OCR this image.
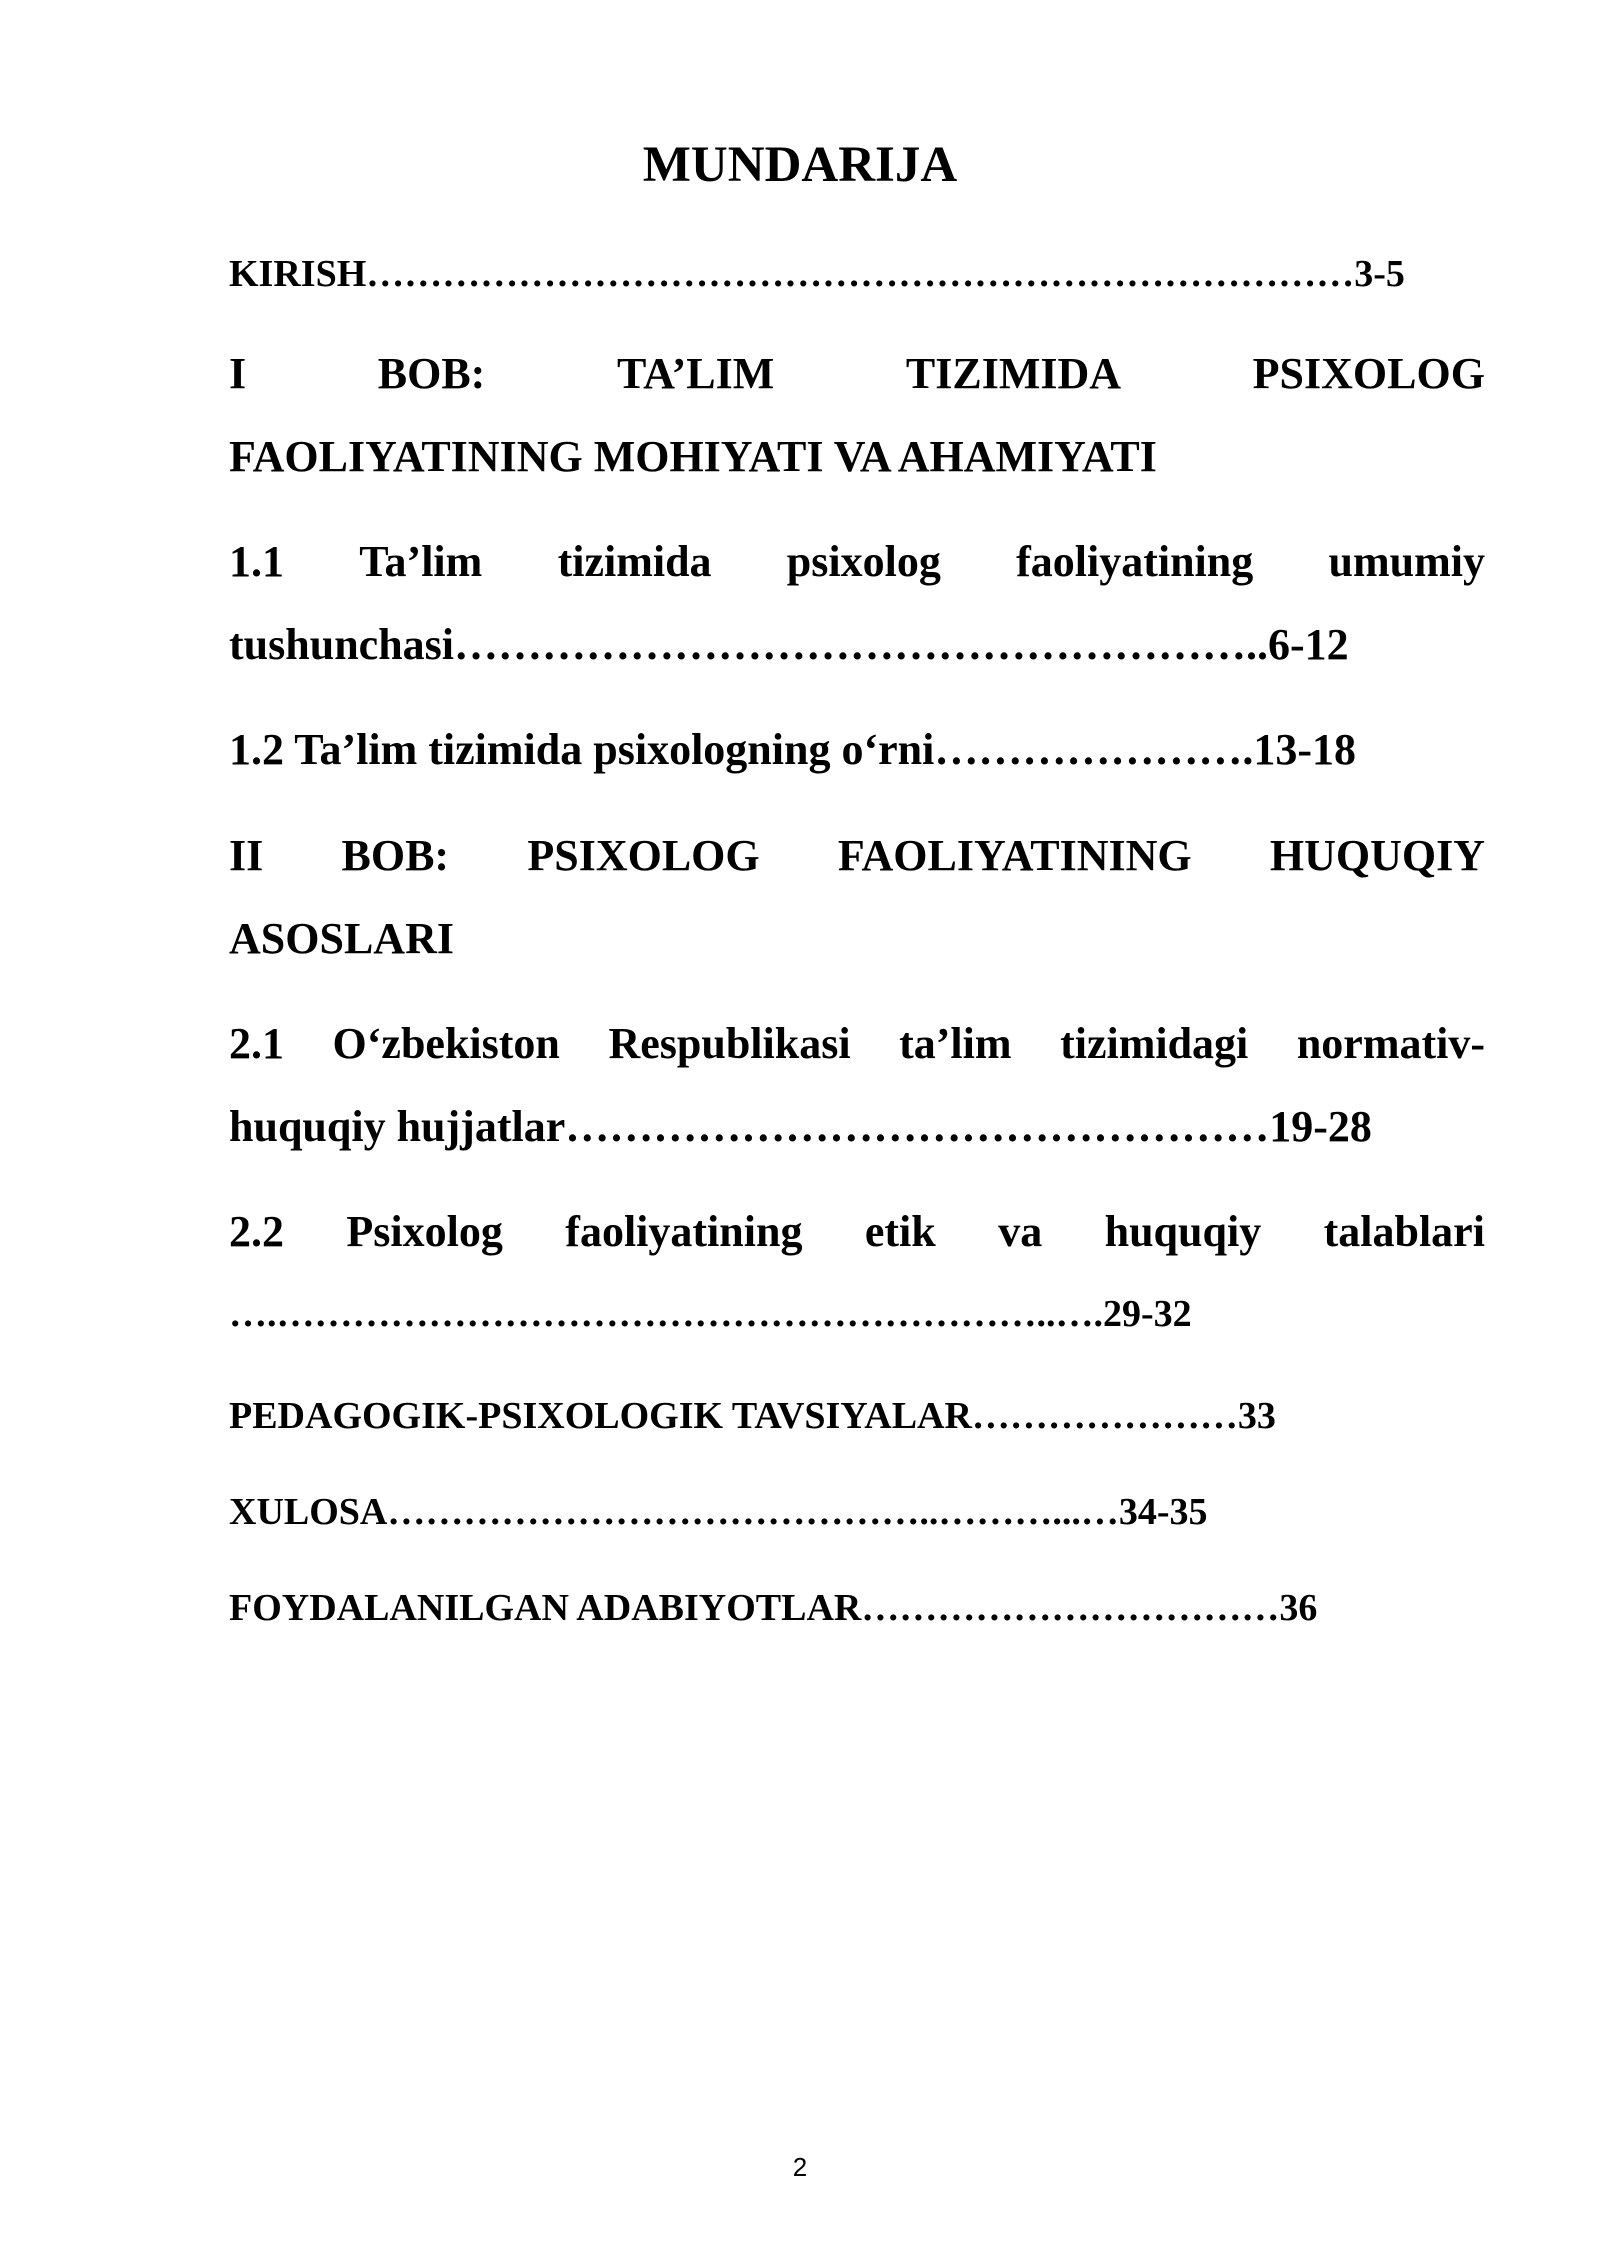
MUNDARIJA
KIRISH……………………………………………………………………3-5
I	BOB:	TA’LIM	TIZIMIDA	PSIXOLOG
FAOLIYATINING MOHIYATI VA AHAMIYATI
1.1 Ta’lim tizimida psixolog faoliyatining umumiy
tushunchasi………………………………………………..6-12
1.2 Ta’lim tizimida psixologning o‘rni………………….13-18
II BOB: PSIXOLOG FAOLIYATINING HUQUQIY
ASOSLARI
2.1 O‘zbekiston Respublikasi ta’lim tizimidagi normativ-
huquqiy hujjatlar…………………………………………19-28
2.2 Psixolog faoliyatining etik va huquqiy talablari
….……………………………………………………..….29-32
PEDAGOGIK-PSIXOLOGIK TAVSIYALAR…………………33
XULOSA……………………………………..………...…34-35
FOYDALANILGAN ADABIYOTLAR……………………………36
2
